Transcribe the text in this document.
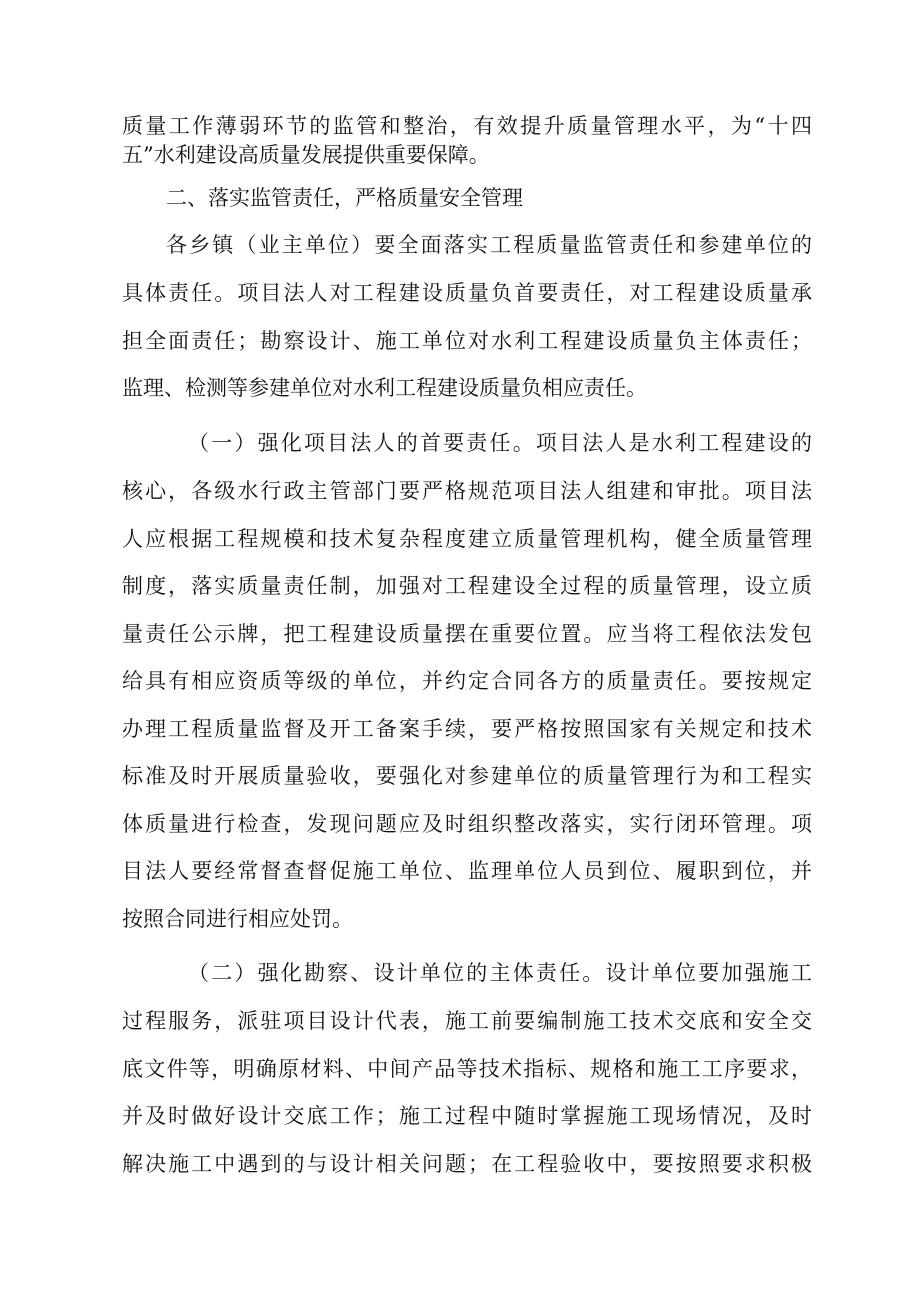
质量工作薄弱环节的监管和整治，有效提升质量管理水平，为“十四
五”水利建设高质量发展提供重要保障。
二、落实监管责任，严格质量安全管理
各乡镇（业主单位）要全面落实工程质量监管责任和参建单位的
具体责任。项目法人对工程建设质量负首要责任，对工程建设质量承
担全面责任；勘察设计、施工单位对水利工程建设质量负主体责任；
监理、检测等参建单位对水利工程建设质量负相应责任。
（一）强化项目法人的首要责任。项目法人是水利工程建设的
核心，各级水行政主管部门要严格规范项目法人组建和审批。项目法
人应根据工程规模和技术复杂程度建立质量管理机构，健全质量管理
制度，落实质量责任制，加强对工程建设全过程的质量管理，设立质
量责任公示牌，把工程建设质量摆在重要位置。应当将工程依法发包
给具有相应资质等级的单位，并约定合同各方的质量责任。要按规定
办理工程质量监督及开工备案手续，要严格按照国家有关规定和技术
标准及时开展质量验收，要强化对参建单位的质量管理行为和工程实
体质量进行检查，发现问题应及时组织整改落实，实行闭环管理。项
目法人要经常督查督促施工单位、监理单位人员到位、履职到位，并
按照合同进行相应处罚。
（二）强化勘察、设计单位的主体责任。设计单位要加强施工
过程服务，派驻项目设计代表，施工前要编制施工技术交底和安全交
底文件等，明确原材料、中间产品等技术指标、规格和施工工序要求，
并及时做好设计交底工作；施工过程中随时掌握施工现场情况，及时
解决施工中遇到的与设计相关问题；在工程验收中，要按照要求积极
